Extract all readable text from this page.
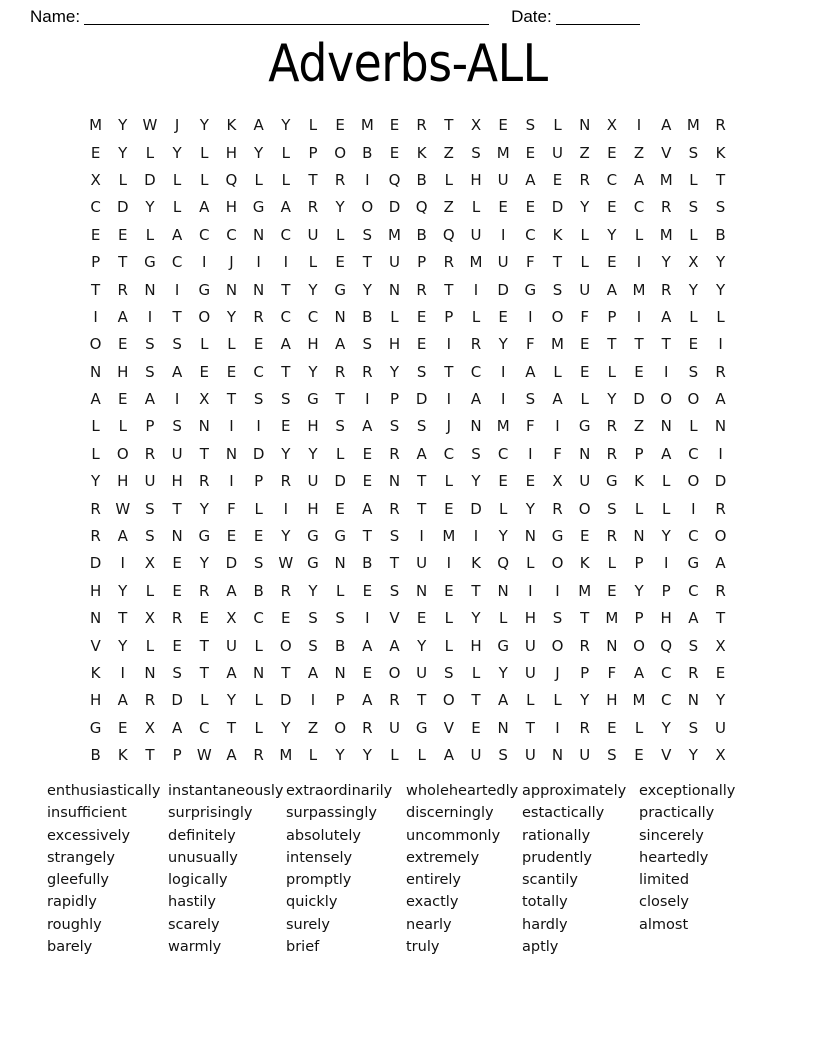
Name:	Date:
Adverbs-ALL
M	Y	W	J	Y	K	A	Y	L	E	M	E	R	T	X	E	S	L	N	X	I	A	M	R
E	Y	L	Y	L	H	Y	L	P	O	B	E	K	Z	S	M	E	U	Z	E	Z	V	S	K
X	L	D	L	L	Q	L	L	T	R	I	Q	B	L	H	U	A	E	R	C	A	M	L	T
C	D	Y	L	A	H	G	A	R	Y	O	D	Q	Z	L	E	E	D	Y	E	C	R	S	S
E	E	L	A	C	C	N	C	U	L	S	M	B	Q	U	I	C	K	L	Y	L	M	L	B
P	T	G	C	I	J	I	I	L	E	T	U	P	R	M	U	F	T	L	E	I	Y	X	Y
T	R	N	I	G	N	N	T	Y	G	Y	N	R	T	I	D	G	S	U	A	M	R	Y	Y
I	A	I	T	O	Y	R	C	C	N	B	L	E	P	L	E	I	O	F	P	I	A	L	L
O	E	S	S	L	L	E	A	H	A	S	H	E	I	R	Y	F	M	E	T	T	T	E	I
N	H	S	A	E	E	C	T	Y	R	R	Y	S	T	C	I	A	L	E	L	E	I	S	R
A	E	A	I	X	T	S	S	G	T	I	P	D	I	A	I	S	A	L	Y	D	O	O	A
L	L	P	S	N	I	I	E	H	S	A	S	S	J	N	M	F	I	G	R	Z	N	L	N
L	O	R	U	T	N	D	Y	Y	L	E	R	A	C	S	C	I	F	N	R	P	A	C	I
Y	H	U	H	R	I	P	R	U	D	E	N	T	L	Y	E	E	X	U	G	K	L	O	D
R W S	T	Y	F	L	I	H	E	A	R	T	E	D	L	Y	R	O	S	L	L	I	R
R	A	S	N	G	E	E	Y	G	G	T	S	I	M	I	Y	N	G	E	R	N	Y	C	O
D	I	X	E	Y	D	S W G	N	B	T	U	I	K	Q	L	O	K	L	P	I	G	A
H	Y	L	E	R	A	B	R	Y	L	E	S	N	E	T	N	I	I	M	E	Y	P	C	R
N	T	X	R	E	X	C	E	S	S	I	V	E	L	Y	L	H	S	T	M	P	H	A	T
V	Y	L	E	T	U	L	O	S	B	A	A	Y	L	H	G	U	O	R	N	O	Q	S	X
K	I	N	S	T	A	N	T	A	N	E	O	U	S	L	Y	U	J	P	F	A	C	R	E
H	A	R	D	L	Y	L	D	I	P	A	R	T	O	T	A	L	L	Y	H	M	C	N	Y
G	E	X	A	C	T	L	Y	Z	O	R	U	G	V	E	N	T	I	R	E	L	Y	S	U
B	K	T	P	W A	R	M	L	Y	Y	L	L	A	U	S	U	N	U	S	E	V	Y	X
enthusiastically
insufficient
excessively
strangely
gleefully
rapidly
roughly
barely
instantaneously
surprisingly
definitely
unusually
logically
hastily
scarely
warmly
extraordinarily
surpassingly
absolutely
intensely
promptly
quickly
surely
brief
wholeheartedly
discerningly
uncommonly
extremely
entirely
exactly
nearly
truly
approximately
estactically
rationally
prudently
scantily
totally
hardly
aptly
exceptionally
practically
sincerely
heartedly
limited
closely
almost
